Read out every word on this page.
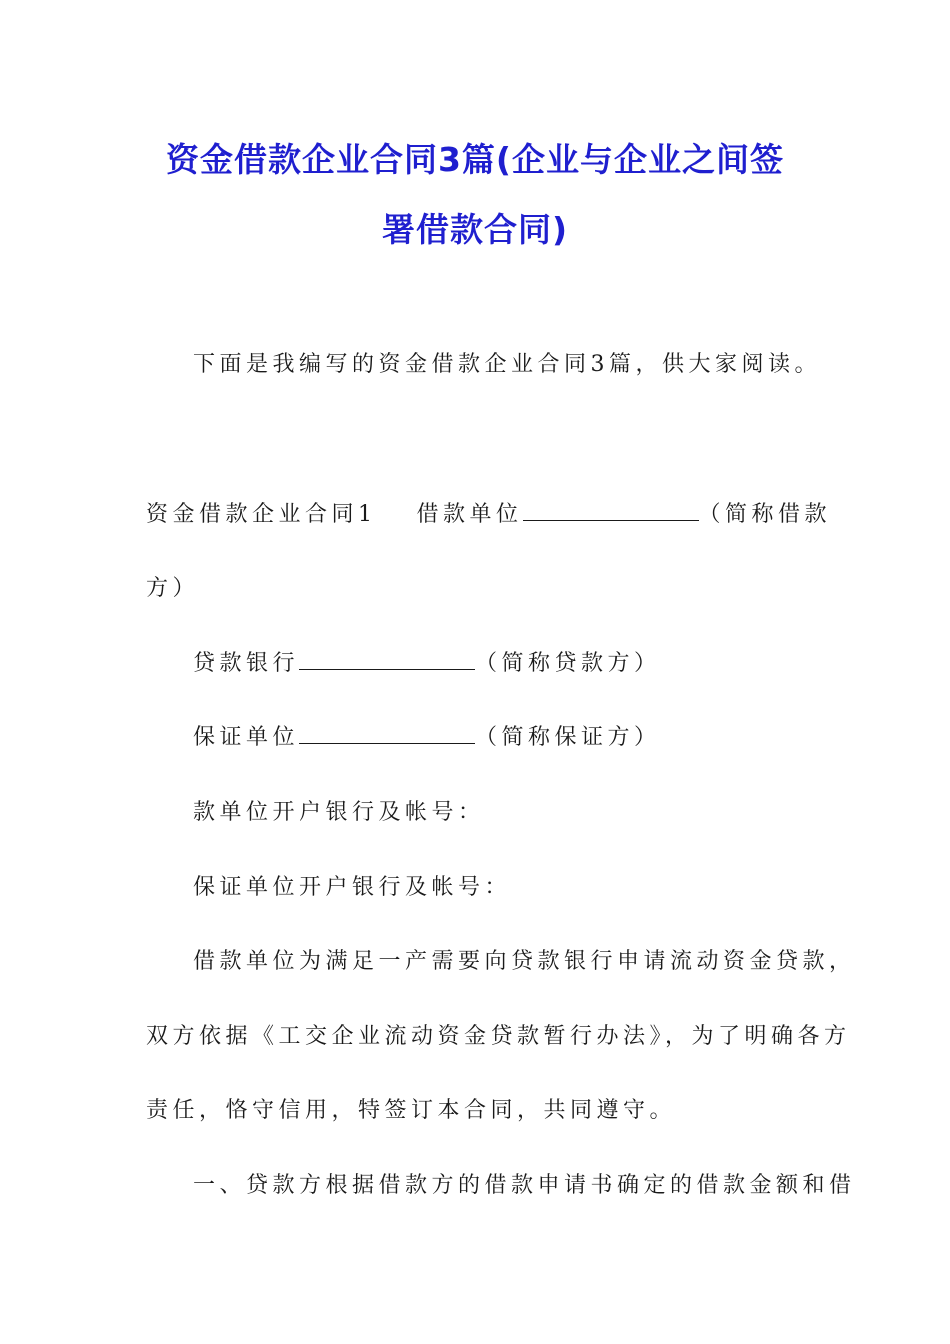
资金借款企业合同3篇(企业与企业之间签
署借款合同)
下面是我编写的资金借款企业合同3篇，供大家阅读。
资金借款企业合同1 借款单位	（简称借款
方）
贷款银行	（简称贷款方）
保证单位	（简称保证方）
款单位开户银行及帐号：
保证单位开户银行及帐号：
借款单位为满足一产需要向贷款银行申请流动资金贷款，
双方依据《工交企业流动资金贷款暂行办法》，为了明确各方
责任，恪守信用，特签订本合同，共同遵守。
一、贷款方根据借款方的借款申请书确定的借款金额和借
